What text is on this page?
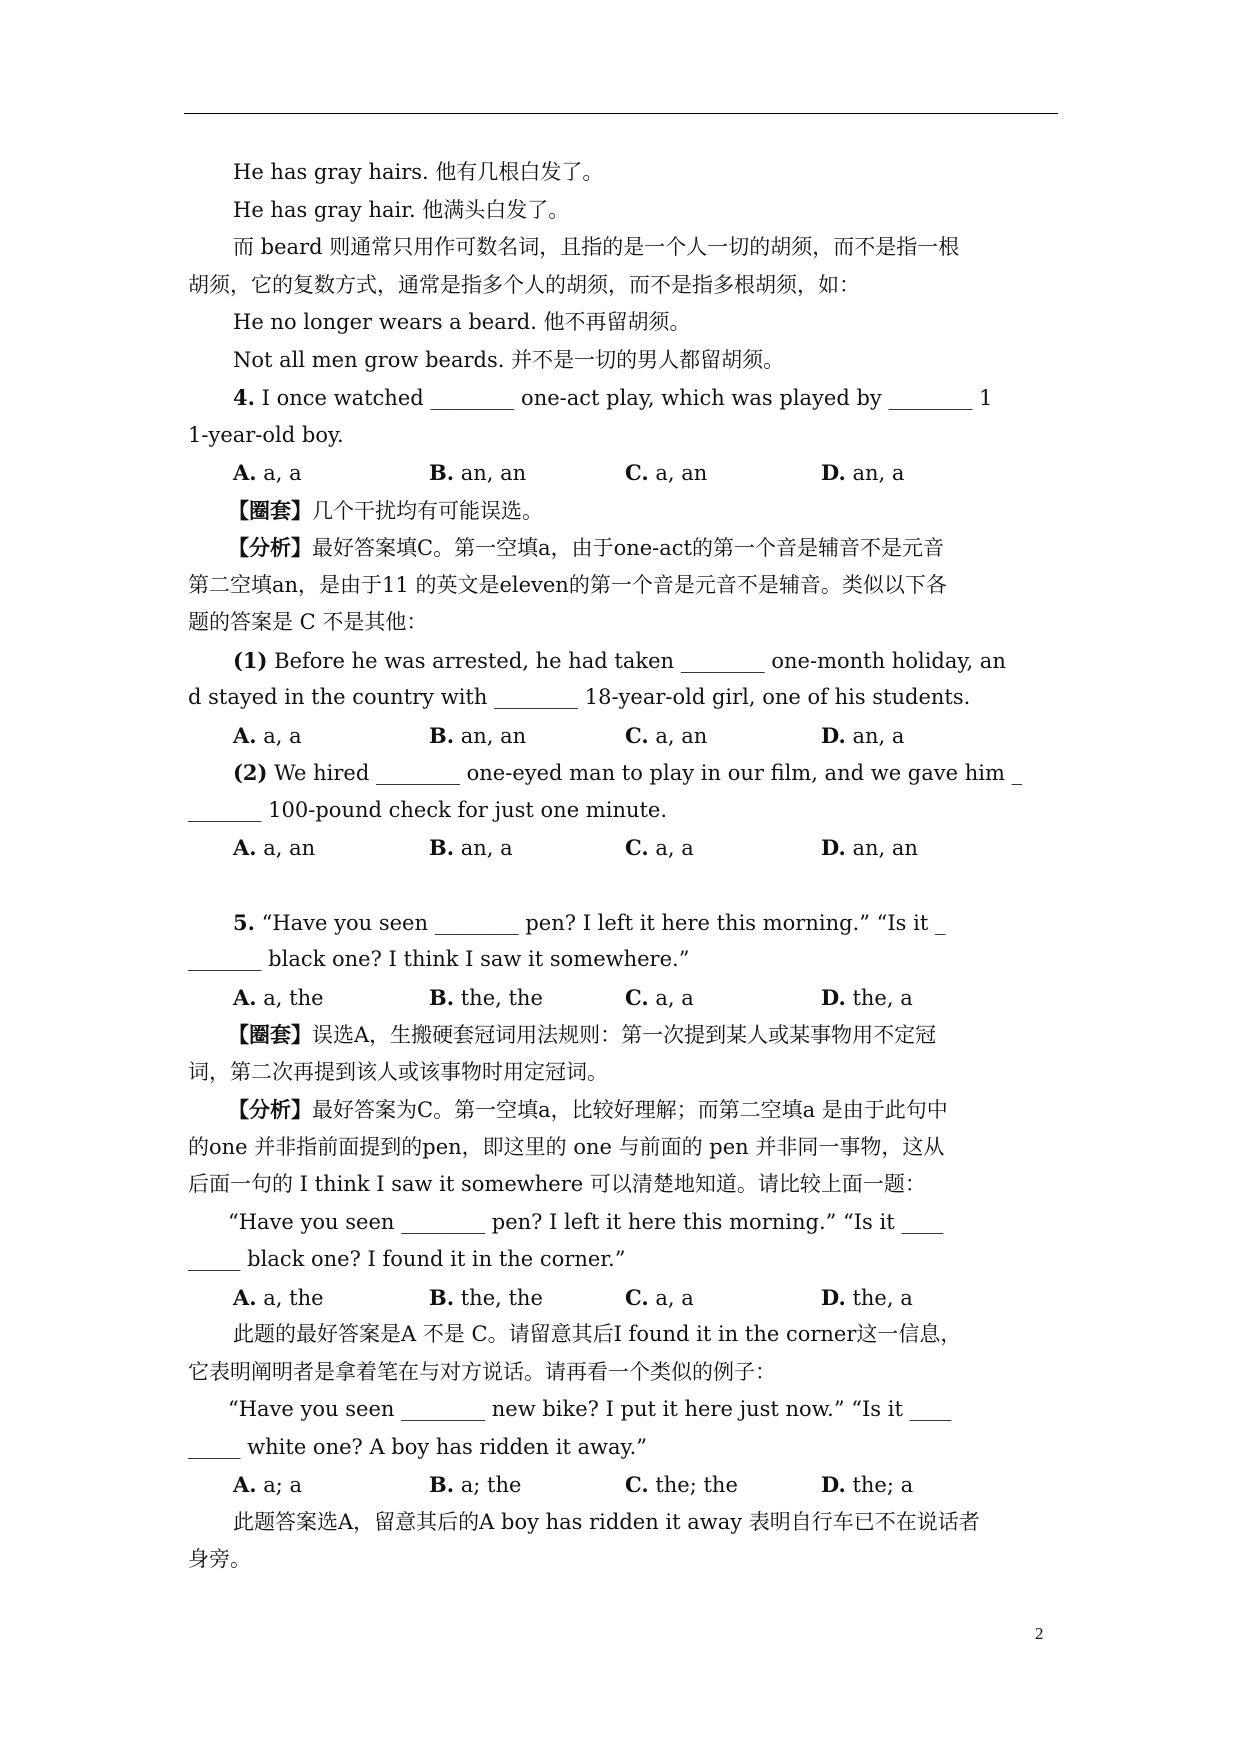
He has gray hairs. 他有几根白发了。
He has gray hair. 他满头白发了。
而 beard 则通常只用作可数名词，且指的是一个人一切的胡须，而不是指一根
胡须，它的复数方式，通常是指多个人的胡须，而不是指多根胡须，如：
He no longer wears a beard. 他不再留胡须。
Not all men grow beards. 并不是一切的男人都留胡须。
4. I once watched ________ one-act play, which was played by ________ 1
1-year-old boy.
A. a, a	B. an, an	C. a, an	D. an, a
【圈套】几个干扰均有可能误选。
【分析】最好答案填C。第一空填a，由于one-act的第一个音是辅音不是元音
第二空填an，是由于11 的英文是eleven的第一个音是元音不是辅音。类似以下各
题的答案是 C 不是其他：
(1) Before he was arrested, he had taken ________ one-month holiday, an
d stayed in the country with ________ 18-year-old girl, one of his students.
A. a, a	B. an, an	C. a, an	D. an, a
(2) We hired ________ one-eyed man to play in our film, and we gave him _
_______ 100-pound check for just one minute.
A. a, an	B. an, a	C. a, a	D. an, an
5. “Have you seen ________ pen? I left it here this morning.” “Is it _
_______ black one? I think I saw it somewhere.”
A. a, the	B. the, the	C. a, a	D. the, a
【圈套】误选A，生搬硬套冠词用法规则：第一次提到某人或某事物用不定冠
词，第二次再提到该人或该事物时用定冠词。
【分析】最好答案为C。第一空填a，比较好理解；而第二空填a 是由于此句中
的one 并非指前面提到的pen，即这里的 one 与前面的 pen 并非同一事物，这从
后面一句的 I think I saw it somewhere 可以清楚地知道。请比较上面一题：
“Have you seen ________ pen? I left it here this morning.” “Is it ____
_____ black one? I found it in the corner.”
A. a, the	B. the, the	C. a, a	D. the, a
此题的最好答案是A 不是 C。请留意其后I found it in the corner这一信息，
它表明阐明者是拿着笔在与对方说话。请再看一个类似的例子：
“Have you seen ________ new bike? I put it here just now.” “Is it ____
_____ white one? A boy has ridden it away.”
A. a; a	B. a; the	C. the; the	D. the; a
此题答案选A，留意其后的A boy has ridden it away 表明自行车已不在说话者
身旁。
2
